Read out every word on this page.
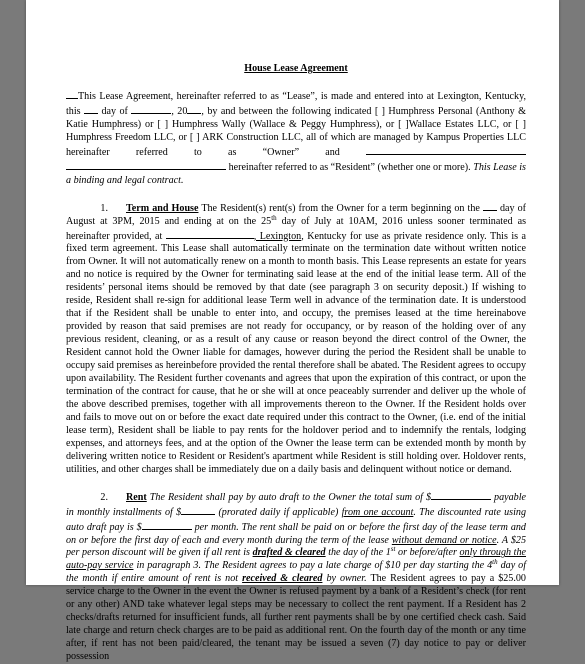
House Lease Agreement

This Lease Agreement, hereinafter referred to as “Lease”, is made and entered into at Lexington, Kentucky, this day of	, 20 , by and between the following indicated [ ] Humphress Personal (Anthony & Katie Humphress) or [ ] Humphress Wally (Wallace & Peggy Humphress), or [ ]Wallace Estates LLC, or [ ] Humphress Freedom LLC, or [ ] ARK Construction LLC, all of which are managed by Kampus Properties LLC hereinafter referred to as “Owner” and   hereinafter referred to as “Resident” (whether one or more). This Lease is a binding and legal contract.

1. Term and House The Resident(s) rent(s) from the Owner for a term beginning on the day of August at 3PM, 2015 and ending at on the 25th day of July at 10AM, 2016 unless sooner terminated as hereinafter provided, at	, Lexington, Kentucky for use as private residence only. This is a fixed term agreement. This Lease shall automatically terminate on the termination date without written notice from Owner. It will not automatically renew on a month to month basis. This Lease represents an estate for years and no notice is required by the Owner for terminating said lease at the end of the initial lease term. All of the residents’ personal items should be removed by that date (see paragraph 3 on security deposit.) If wishing to reside, Resident shall re-sign for additional lease Term well in advance of the termination date. It is understood that if the Resident shall be unable to enter into, and occupy, the premises leased at the time hereinabove provided by reason that said premises are not ready for occupancy, or by reason of the holding over of any previous resident, cleaning, or as a result of any cause or reason beyond the direct control of the Owner, the Resident cannot hold the Owner liable for damages, however during the period the Resident shall be unable to occupy said premises as hereinbefore provided the rental therefore shall be abated. The Resident agrees to occupy upon availability. The Resident further covenants and agrees that upon the expiration of this contract, or upon the termination of the contract for cause, that he or she will at once peaceably surrender and deliver up the whole of the above described premises, together with all improvements thereon to the Owner. If the Resident holds over and fails to move out on or before the exact date required under this contract to the Owner, (i.e. end of the initial lease term), Resident shall be liable to pay rents for the holdover period and to indemnify the rentals, lodging expenses, and attorneys fees, and at the option of the Owner the lease term can be extended month by month by delivering written notice to Resident or Resident's apartment while Resident is still holding over. Holdover rents, utilities, and other charges shall be immediately due on a daily basis and delinquent without notice or demand.

2. Rent The Resident shall pay by auto draft to the Owner the total sum of $	payable in monthly installments of $	(prorated daily if applicable) from one account. The discounted rate using auto draft pay is $	per month. The rent shall be paid on or before the first day of the lease term and on or before the first day of each and every month during the term of the lease without demand or notice. A $25 per person discount will be given if all rent is drafted & cleared the day of the 1st or before/after only through the auto-pay service in paragraph 3. The Resident agrees to pay a late charge of $10 per day starting the 4th day of the month if entire amount of rent is not received & cleared by owner. The Resident agrees to pay a $25.00 service charge to the Owner in the event the Owner is refused payment by a bank of a Resident’s check (for rent or any other) AND take whatever legal steps may be necessary to collect the rent payment. If a Resident has 2 checks/drafts returned for insufficient funds, all further rent payments shall be by one certified check cash. Said late charge and return check charges are to be paid as additional rent. On the fourth day of the month or any time after, if rent has not been paid/cleared, the tenant may be issued a seven (7) day notice to pay or deliver possession
